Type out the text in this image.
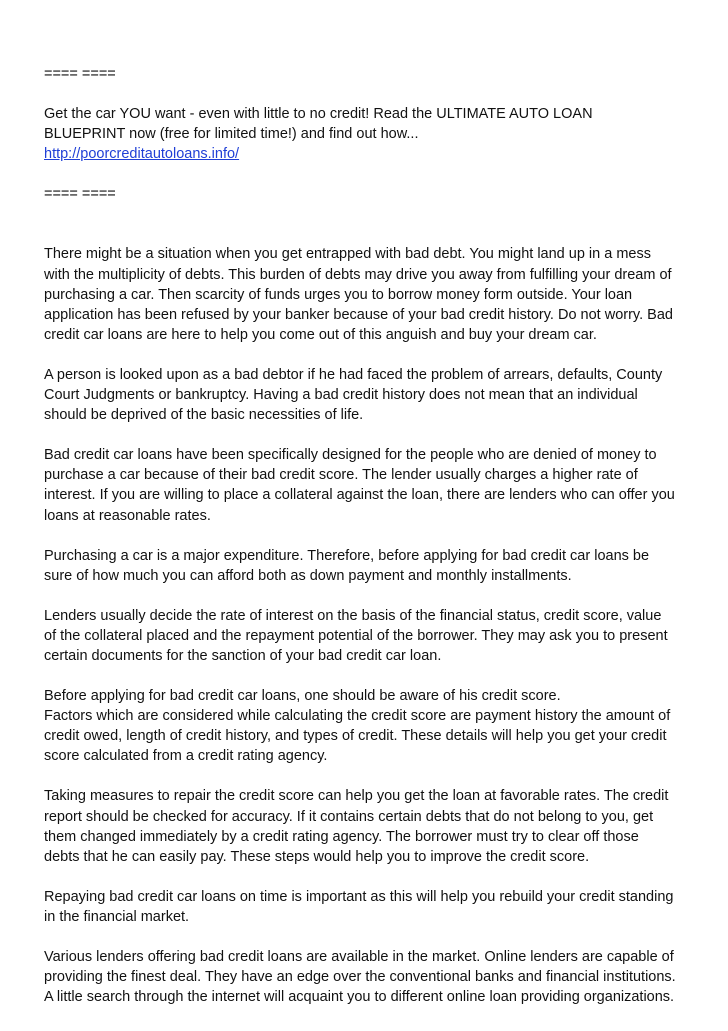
==== ====

Get the car YOU want - even with little to no credit! Read the ULTIMATE AUTO LOAN
BLUEPRINT now (free for limited time!) and find out how...

http://poorcreditautoloans.info/

==== ====

There might be a situation when you get entrapped with bad debt. You might land up in a mess
with the multiplicity of debts. This burden of debts may drive you away from fulfilling your dream of
purchasing a car. Then scarcity of funds urges you to borrow money form outside. Your loan
application has been refused by your banker because of your bad credit history. Do not worry. Bad
credit car loans are here to help you come out of this anguish and buy your dream car.

A person is looked upon as a bad debtor if he had faced the problem of arrears, defaults, County
Court Judgments or bankruptcy. Having a bad credit history does not mean that an individual
should be deprived of the basic necessities of life.

Bad credit car loans have been specifically designed for the people who are denied of money to
purchase a car because of their bad credit score. The lender usually charges a higher rate of
interest. If you are willing to place a collateral against the loan, there are lenders who can offer you
loans at reasonable rates.

Purchasing a car is a major expenditure. Therefore, before applying for bad credit car loans be
sure of how much you can afford both as down payment and monthly installments.

Lenders usually decide the rate of interest on the basis of the financial status, credit score, value
of the collateral placed and the repayment potential of the borrower. They may ask you to present
certain documents for the sanction of your bad credit car loan.

Before applying for bad credit car loans, one should be aware of his credit score.
Factors which are considered while calculating the credit score are payment history the amount of
credit owed, length of credit history, and types of credit. These details will help you get your credit
score calculated from a credit rating agency.

Taking measures to repair the credit score can help you get the loan at favorable rates. The credit
report should be checked for accuracy. If it contains certain debts that do not belong to you, get
them changed immediately by a credit rating agency. The borrower must try to clear off those
debts that he can easily pay. These steps would help you to improve the credit score.

Repaying bad credit car loans on time is important as this will help you rebuild your credit standing
in the financial market.

Various lenders offering bad credit loans are available in the market. Online lenders are capable of
providing the finest deal. They have an edge over the conventional banks and financial institutions.
A little search through the internet will acquaint you to different online loan providing organizations.
